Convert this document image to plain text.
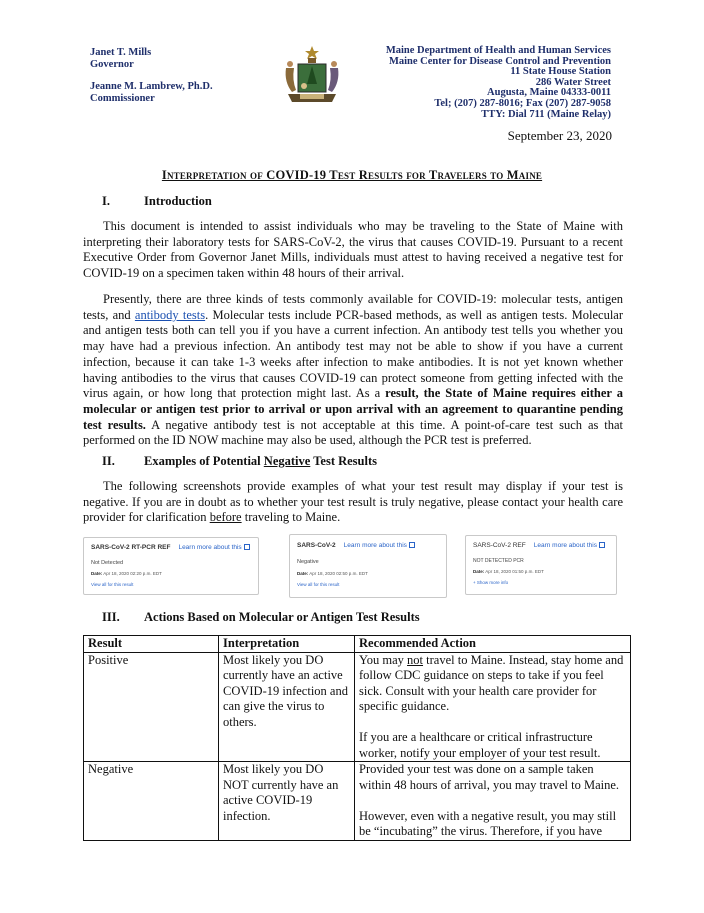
Janet T. Mills
Governor
Jeanne M. Lambrew, Ph.D.
Commissioner
Maine Department of Health and Human Services
Maine Center for Disease Control and Prevention
11 State House Station
286 Water Street
Augusta, Maine 04333-0011
Tel; (207) 287-8016; Fax (207) 287-9058
TTY: Dial 711 (Maine Relay)
September 23, 2020
Interpretation of COVID-19 Test Results for Travelers to Maine
I.	Introduction

This document is intended to assist individuals who may be traveling to the State of Maine with interpreting their laboratory tests for SARS-CoV-2, the virus that causes COVID-19. Pursuant to a recent Executive Order from Governor Janet Mills, individuals must attest to having received a negative test for COVID-19 on a specimen taken within 48 hours of their arrival.

Presently, there are three kinds of tests commonly available for COVID-19: molecular tests, antigen tests, and antibody tests. Molecular tests include PCR-based methods, as well as antigen tests. Molecular and antigen tests both can tell you if you have a current infection. An antibody test tells you whether you may have had a previous infection. An antibody test may not be able to show if you have a current infection, because it can take 1-3 weeks after infection to make antibodies. It is not yet known whether having antibodies to the virus that causes COVID-19 can protect someone from getting infected with the virus again, or how long that protection might last. As a result, the State of Maine requires either a molecular or antigen test prior to arrival or upon arrival with an agreement to quarantine pending test results. A negative antibody test is not acceptable at this time. A point-of-care test such as that performed on the ID NOW machine may also be used, although the PCR test is preferred.

II. Examples of Potential Negative Test Results

The following screenshots provide examples of what your test result may display if your test is negative. If you are in doubt as to whether your test result is truly negative, please contact your health care provider for clarification before traveling to Maine.

SARS-CoV-2 RT-PCR REF Learn more about this
Not Detected
Date: Apr 18, 2020 02:20 p.m. EDT
View all for this result
SARS-CoV-2 Learn more about this
Negative
Date: Apr 18, 2020 02:50 p.m. EDT
View all for this result
SARS-CoV-2 REF Learn more about this
NOT DETECTED PCR
Date: Apr 18, 2020 01:50 p.m. EDT
+ Show more info
III. Actions Based on Molecular or Antigen Test Results
Result	Interpretation	Recommended Action
Positive	Most likely you DO currently have an active COVID-19 infection and can give the virus to others.	You may not travel to Maine. Instead, stay home and follow CDC guidance on steps to take if you feel sick. Consult with your health care provider for specific guidance.

If you are a healthcare or critical infrastructure worker, notify your employer of your test result.

Negative	Most likely you DO NOT currently have an active COVID-19 infection.	Provided your test was done on a sample taken within 48 hours of arrival, you may travel to Maine.

However, even with a negative result, you may still be “incubating” the virus. Therefore, if you have
